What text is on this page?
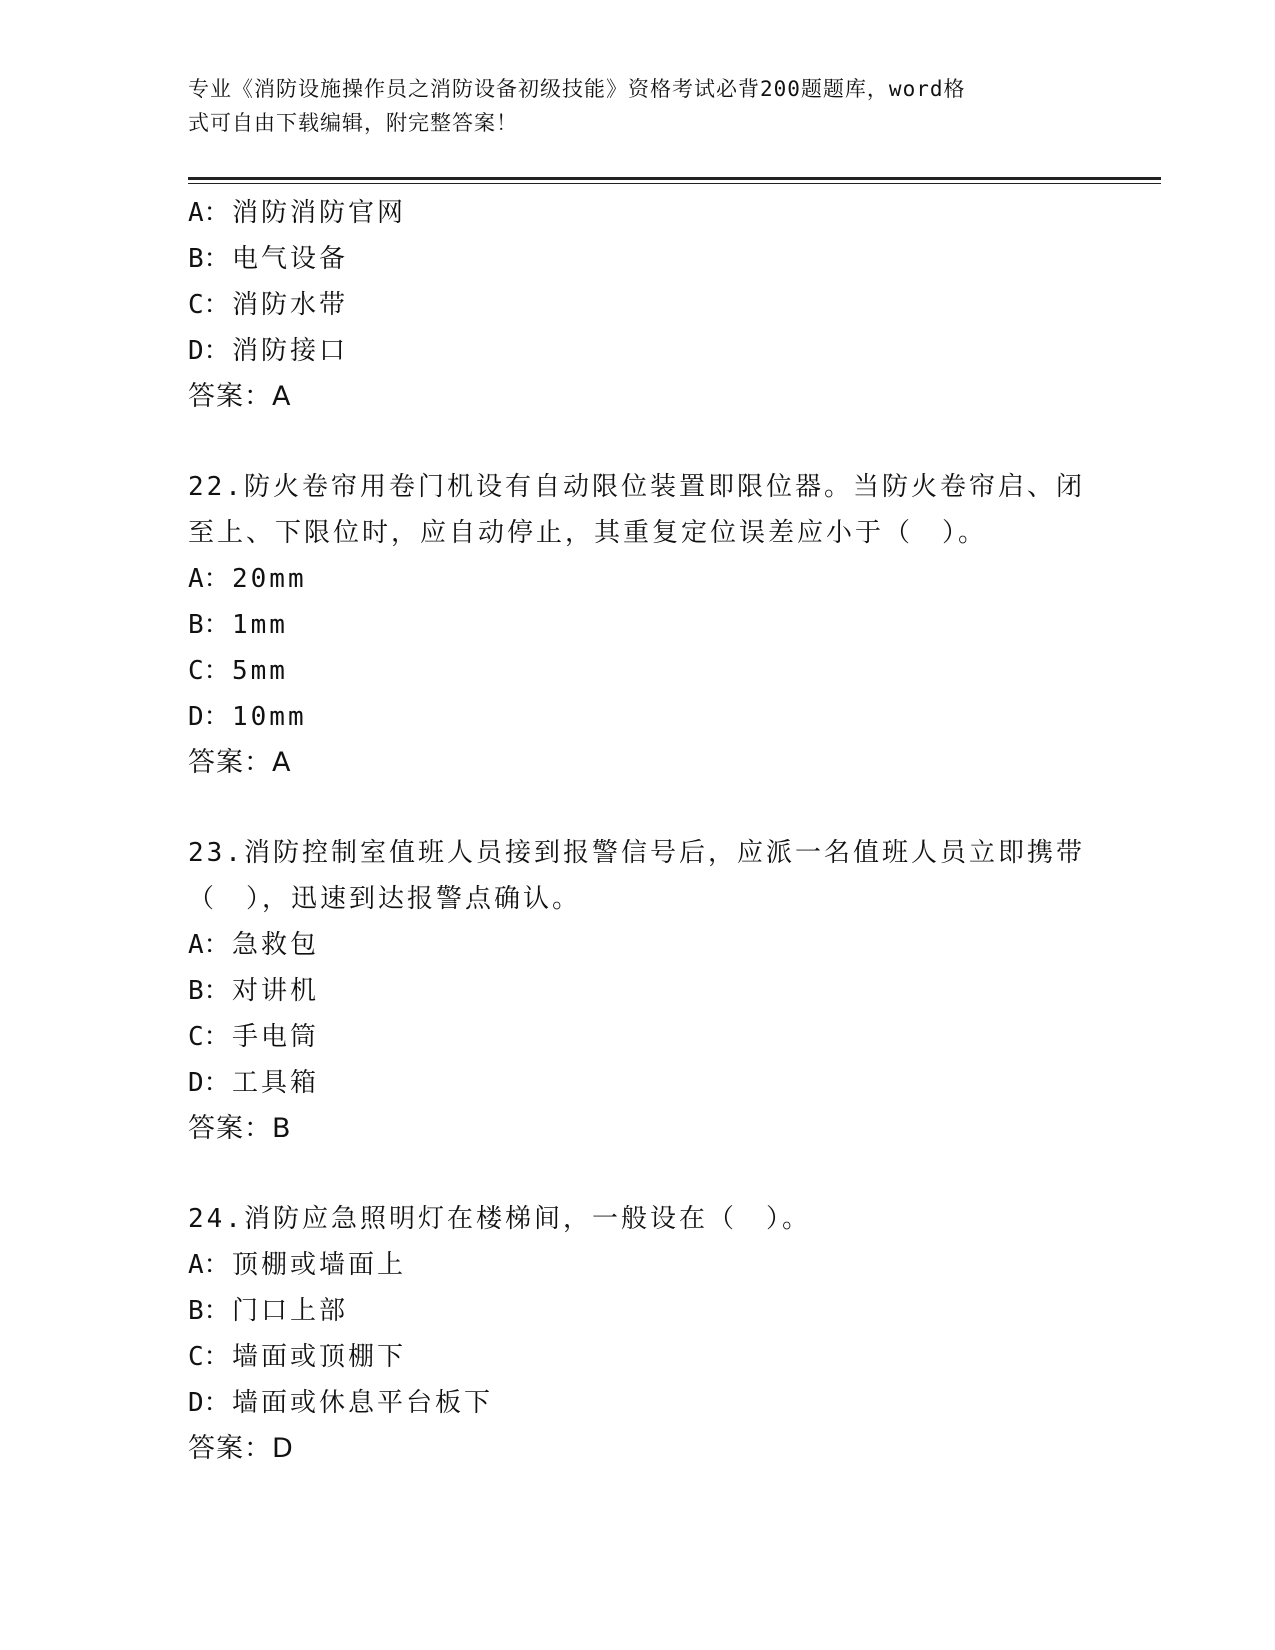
专业《消防设施操作员之消防设备初级技能》资格考试必背200题题库，word格
式可自由下载编辑，附完整答案！
A：消防消防官网
B：电气设备
C：消防水带
D：消防接口
答案：A
22.防火卷帘用卷门机设有自动限位装置即限位器。当防火卷帘启、闭
至上、下限位时，应自动停止，其重复定位误差应小于（　）。
A：20mm
B：1mm
C：5mm
D：10mm
答案：A
23.消防控制室值班人员接到报警信号后，应派一名值班人员立即携带
（　），迅速到达报警点确认。
A：急救包
B：对讲机
C：手电筒
D：工具箱
答案：B
24.消防应急照明灯在楼梯间，一般设在（　）。
A：顶棚或墙面上
B：门口上部
C：墙面或顶棚下
D：墙面或休息平台板下
答案：D
